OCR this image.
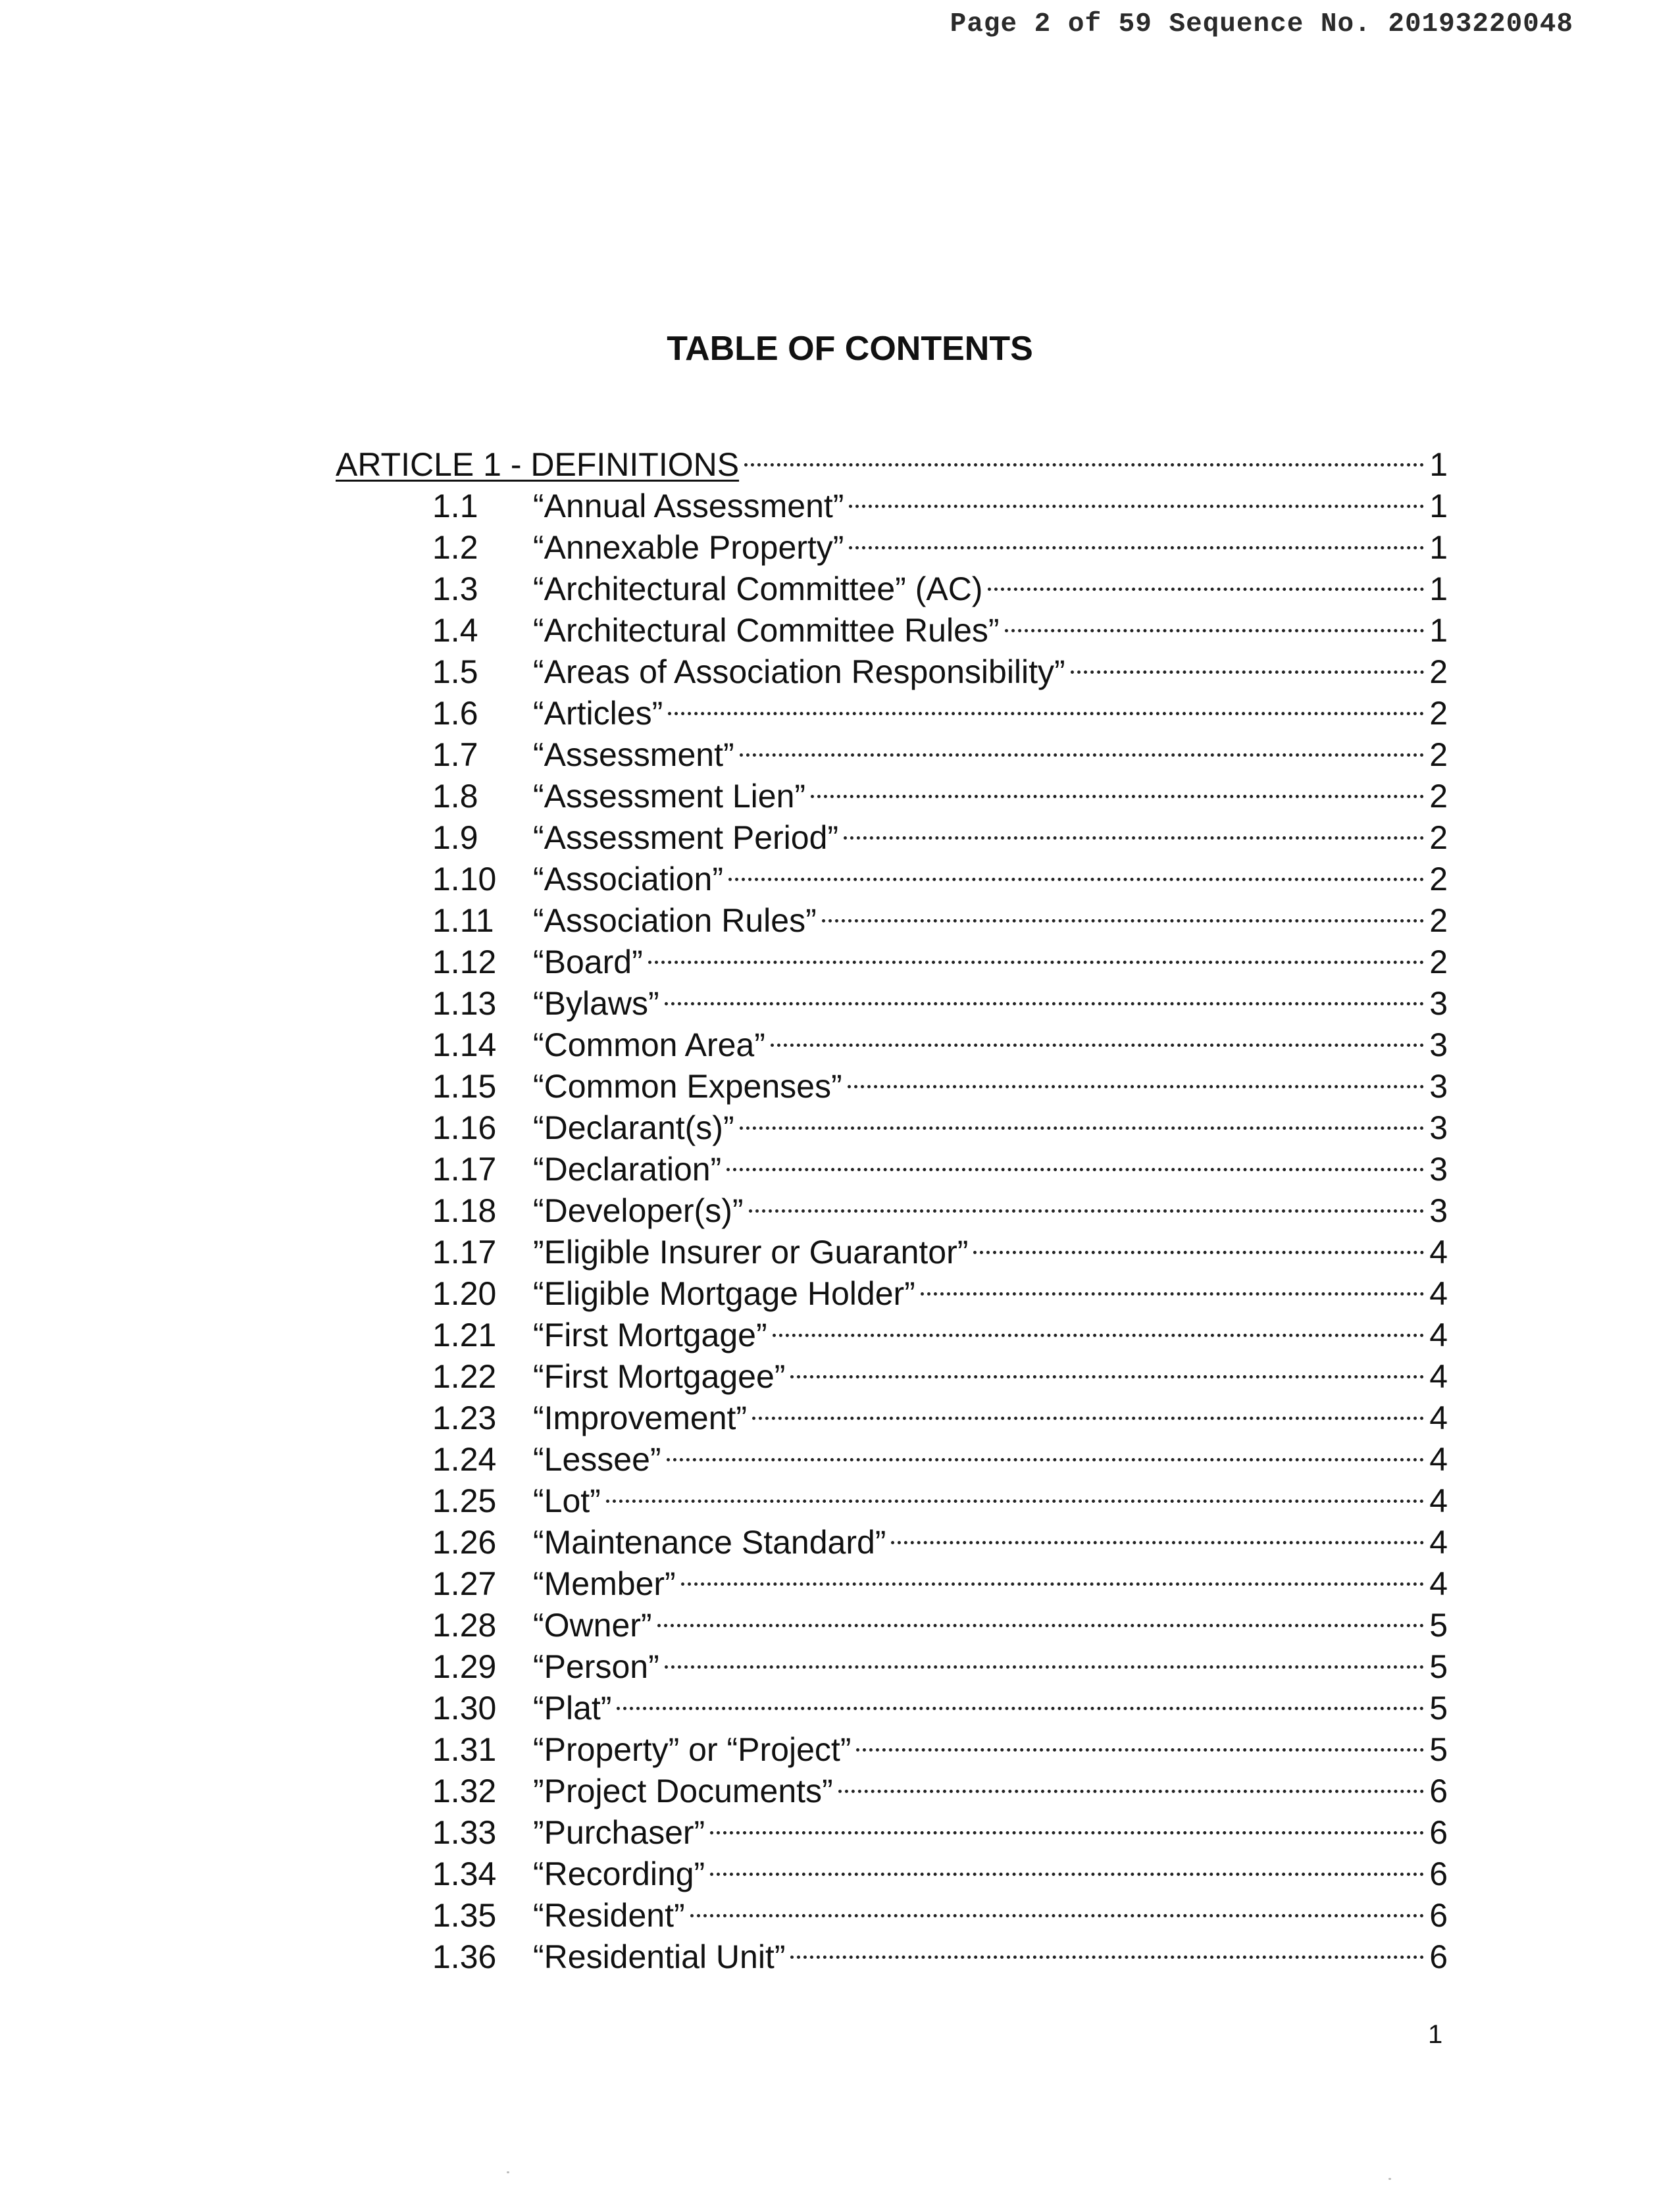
Page 2 of 59 Sequence No. 20193220048
TABLE OF CONTENTS
ARTICLE 1 - DEFINITIONS	1
1.1	“Annual Assessment”	1
1.2	“Annexable Property”	1
1.3	“Architectural Committee” (AC)	1
1.4	“Architectural Committee Rules”	1
1.5	“Areas of Association Responsibility”	2
1.6	“Articles”	2
1.7	“Assessment”	2
1.8	“Assessment Lien”	2
1.9	“Assessment Period”	2
1.10	“Association”	2
1.11	“Association Rules”	2
1.12	“Board”	2
1.13	“Bylaws”	3
1.14	“Common Area”	3
1.15	“Common Expenses”	3
1.16	“Declarant(s)”	3
1.17	“Declaration”	3
1.18	“Developer(s)”	3
1.17	”Eligible Insurer or Guarantor”	4
1.20	“Eligible Mortgage Holder”	4
1.21	“First Mortgage”	4
1.22	“First Mortgagee”	4
1.23	“Improvement”	4
1.24	“Lessee”	4
1.25	“Lot”	4
1.26	“Maintenance Standard”	4
1.27	“Member”	4
1.28	“Owner”	5
1.29	“Person”	5
1.30	“Plat”	5
1.31	“Property” or “Project”	5
1.32	”Project Documents”	6
1.33	”Purchaser”	6
1.34	“Recording”	6
1.35	“Resident”	6
1.36	“Residential Unit”	6
1
